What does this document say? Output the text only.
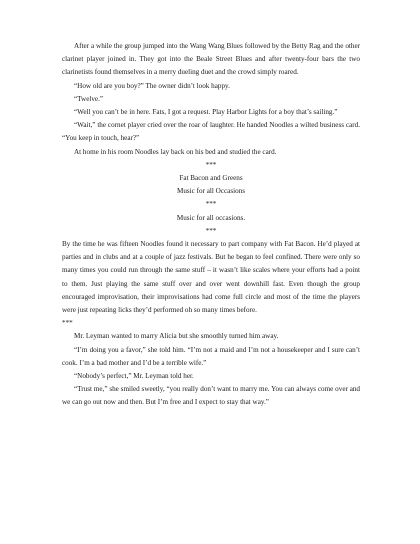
After a while the group jumped into the Wang Wang Blues followed by the Betty Rag and the other clarinet player joined in. They got into the Beale Street Blues and after twenty-four bars the two clarinetists found themselves in a merry dueling duet and the crowd simply roared.

“How old are you boy?” The owner didn’t look happy.

“Twelve.”

“Well you can’t be in here. Fats, I got a request. Play Harbor Lights for a boy that’s sailing.”

“Wait,” the cornet player cried over the roar of laughter. He handed Noodles a wilted business card. “You keep in touch, hear?”

At home in his room Noodles lay back on his bed and studied the card.

***

Fat Bacon and Greens

Music for all Occasions

***

Music for all occasions.

***

By the time he was fifteen Noodles found it necessary to part company with Fat Bacon. He’d played at parties and in clubs and at a couple of jazz festivals. But he began to feel confined. There were only so many times you could run through the same stuff – it wasn’t like scales where your efforts had a point to them. Just playing the same stuff over and over went downhill fast. Even though the group encouraged improvisation, their improvisations had come full circle and most of the time the players were just repeating licks they’d performed oh so many times before.

***

Mr. Leyman wanted to marry Alicia but she smoothly turned him away.

“I’m doing you a favor,” she told him. “I’m not a maid and I’m not a housekeeper and I sure can’t cook. I’m a bad mother and I’d be a terrible wife.”

“Nobody’s perfect,” Mr. Leyman told her.

“Trust me,” she smiled sweetly, “you really don’t want to marry me. You can always come over and we can go out now and then. But I’m free and I expect to stay that way.”
